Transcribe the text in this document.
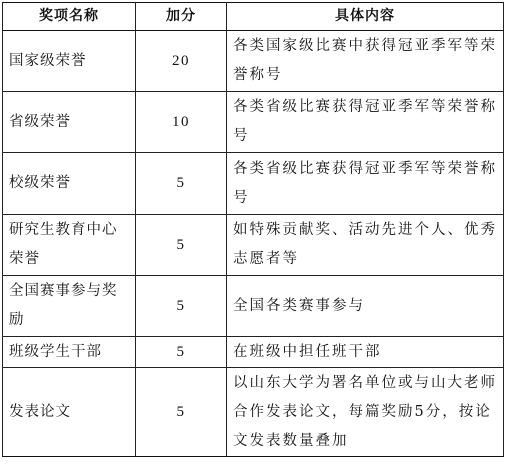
奖项名称	加分	具体内容
国家级荣誉	20	各类国家级比赛中获得冠亚季军等荣誉称号
省级荣誉	10	各类省级比赛获得冠亚季军等荣誉称号
校级荣誉	5	各类省级比赛获得冠亚季军等荣誉称号
研究生教育中心荣誉	5	如特殊贡献奖、活动先进个人、优秀志愿者等
全国赛事参与奖励	5	全国各类赛事参与
班级学生干部	5	在班级中担任班干部
发表论文	5	以山东大学为署名单位或与山大老师合作发表论文，每篇奖励5分，按论文发表数量叠加
